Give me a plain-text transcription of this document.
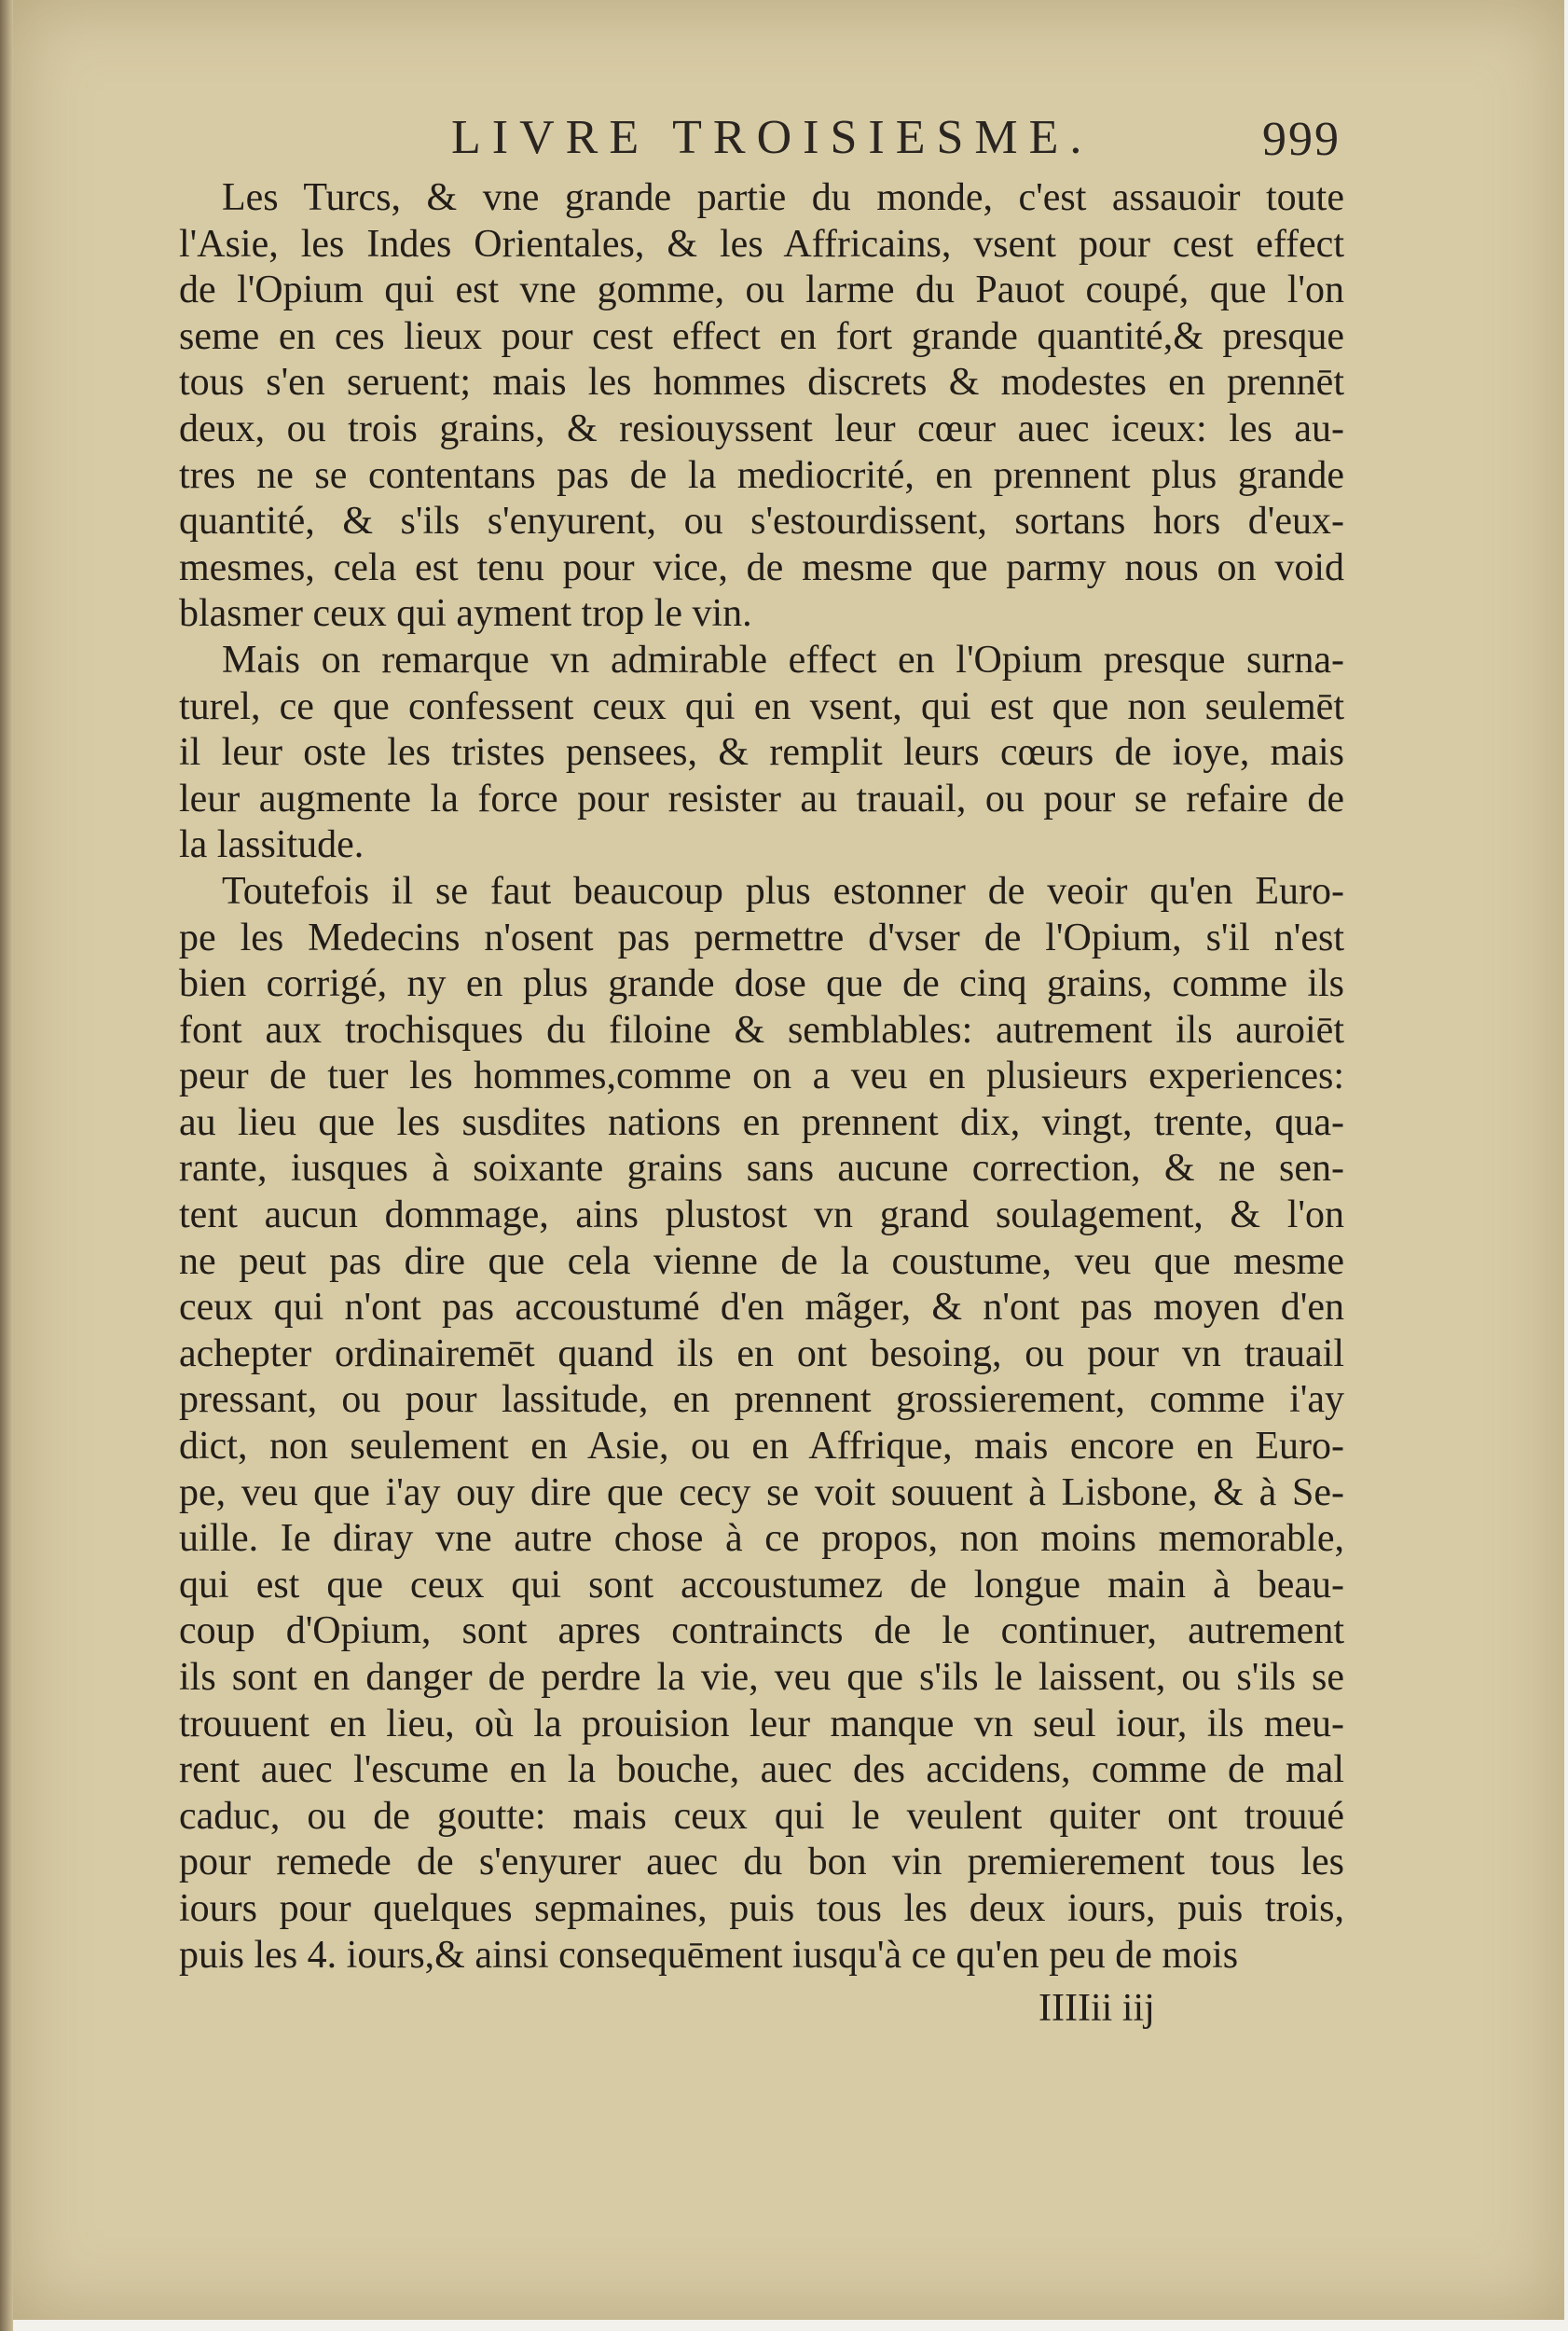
LIVRE TROISIESME.	999
Les Turcs, & vne grande partie du monde, c'est assauoir toute
l'Asie, les Indes Orientales, & les Affricains, vsent pour cest effect
de l'Opium qui est vne gomme, ou larme du Pauot coupé, que l'on
seme en ces lieux pour cest effect en fort grande quantité,& presque
tous s'en seruent; mais les hommes discrets & modestes en prennēt
deux, ou trois grains, & resiouyssent leur cœur auec iceux: les au-
tres ne se contentans pas de la mediocrité, en prennent plus grande
quantité, & s'ils s'enyurent, ou s'estourdissent, sortans hors d'eux-
mesmes, cela est tenu pour vice, de mesme que parmy nous on void
blasmer ceux qui ayment trop le vin.
Mais on remarque vn admirable effect en l'Opium presque surna-
turel, ce que confessent ceux qui en vsent, qui est que non seulemēt
il leur oste les tristes pensees, & remplit leurs cœurs de ioye, mais
leur augmente la force pour resister au trauail, ou pour se refaire de
la lassitude.
Toutefois il se faut beaucoup plus estonner de veoir qu'en Euro-
pe les Medecins n'osent pas permettre d'vser de l'Opium, s'il n'est
bien corrigé, ny en plus grande dose que de cinq grains, comme ils
font aux trochisques du filoine & semblables: autrement ils auroiēt
peur de tuer les hommes,comme on a veu en plusieurs experiences:
au lieu que les susdites nations en prennent dix, vingt, trente, qua-
rante, iusques à soixante grains sans aucune correction, & ne sen-
tent aucun dommage, ains plustost vn grand soulagement, & l'on
ne peut pas dire que cela vienne de la coustume, veu que mesme
ceux qui n'ont pas accoustumé d'en mãger, & n'ont pas moyen d'en
achepter ordinairemēt quand ils en ont besoing, ou pour vn trauail
pressant, ou pour lassitude, en prennent grossierement, comme i'ay
dict, non seulement en Asie, ou en Affrique, mais encore en Euro-
pe, veu que i'ay ouy dire que cecy se voit souuent à Lisbone, & à Se-
uille. Ie diray vne autre chose à ce propos, non moins memorable,
qui est que ceux qui sont accoustumez de longue main à beau-
coup d'Opium, sont apres contraincts de le continuer, autrement
ils sont en danger de perdre la vie, veu que s'ils le laissent, ou s'ils se
trouuent en lieu, où la prouision leur manque vn seul iour, ils meu-
rent auec l'escume en la bouche, auec des accidens, comme de mal
caduc, ou de goutte: mais ceux qui le veulent quiter ont trouué
pour remede de s'enyurer auec du bon vin premierement tous les
iours pour quelques sepmaines, puis tous les deux iours, puis trois,
puis les 4. iours,& ainsi consequēment iusqu'à ce qu'en peu de mois
IIIIii iij
